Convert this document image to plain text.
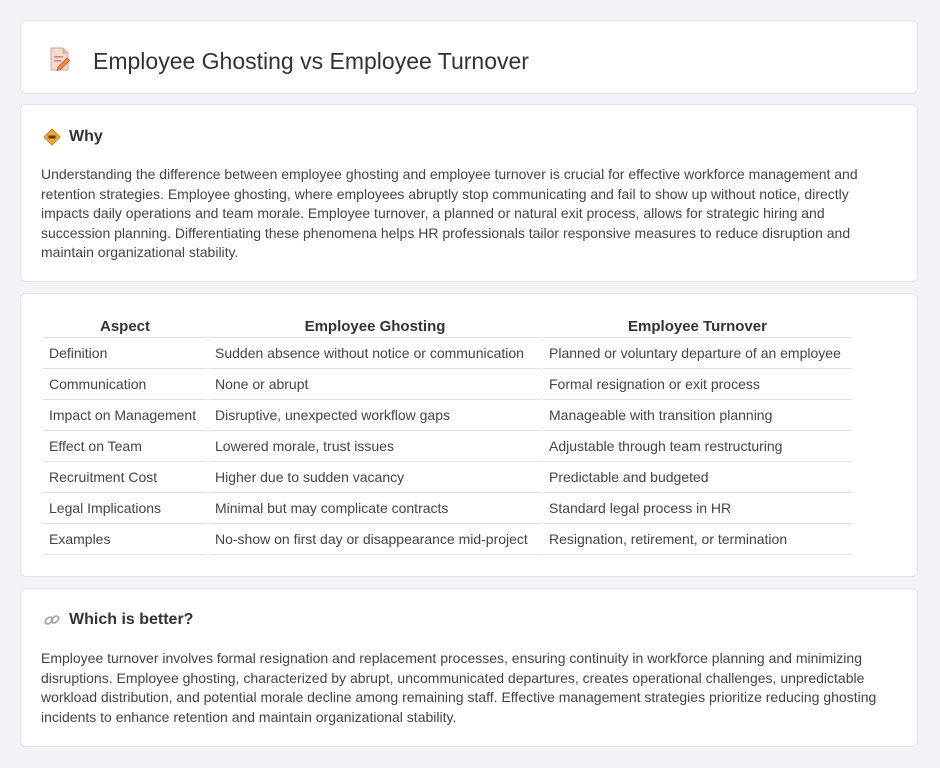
Employee Ghosting vs Employee Turnover
Why

Understanding the difference between employee ghosting and employee turnover is crucial for effective workforce management and retention strategies. Employee ghosting, where employees abruptly stop communicating and fail to show up without notice, directly impacts daily operations and team morale. Employee turnover, a planned or natural exit process, allows for strategic hiring and succession planning. Differentiating these phenomena helps HR professionals tailor responsive measures to reduce disruption and maintain organizational stability.

Aspect	Employee Ghosting	Employee Turnover
Definition	Sudden absence without notice or communication	Planned or voluntary departure of an employee
Communication	None or abrupt	Formal resignation or exit process
Impact on Management	Disruptive, unexpected workflow gaps	Manageable with transition planning
Effect on Team	Lowered morale, trust issues	Adjustable through team restructuring
Recruitment Cost	Higher due to sudden vacancy	Predictable and budgeted
Legal Implications	Minimal but may complicate contracts	Standard legal process in HR
Examples	No-show on first day or disappearance mid-project	Resignation, retirement, or termination
Which is better?

Employee turnover involves formal resignation and replacement processes, ensuring continuity in workforce planning and minimizing disruptions. Employee ghosting, characterized by abrupt, uncommunicated departures, creates operational challenges, unpredictable workload distribution, and potential morale decline among remaining staff. Effective management strategies prioritize reducing ghosting incidents to enhance retention and maintain organizational stability.
